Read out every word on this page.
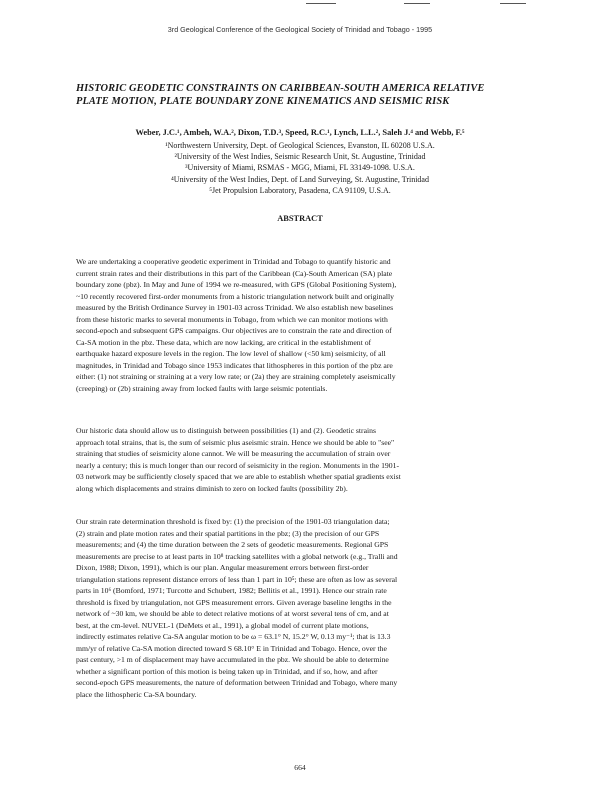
3rd Geological Conference of the Geological Society of Trinidad and Tobago - 1995
HISTORIC GEODETIC CONSTRAINTS ON CARIBBEAN-SOUTH AMERICA RELATIVE
PLATE MOTION, PLATE BOUNDARY ZONE KINEMATICS AND SEISMIC RISK
Weber, J.C.¹, Ambeh, W.A.², Dixon, T.D.³, Speed, R.C.¹, Lynch, L.L.², Saleh J.⁴ and Webb, F.⁵
¹Northwestern University, Dept. of Geological Sciences, Evanston, IL 60208 U.S.A.
²University of the West Indies, Seismic Research Unit, St. Augustine, Trinidad
³University of Miami, RSMAS - MGG, Miami, FL 33149-1098. U.S.A.
⁴University of the West Indies, Dept. of Land Surveying, St. Augustine, Trinidad
⁵Jet Propulsion Laboratory, Pasadena, CA 91109, U.S.A.
ABSTRACT

We are undertaking a cooperative geodetic experiment in Trinidad and Tobago to quantify historic and
current strain rates and their distributions in this part of the Caribbean (Ca)-South American (SA) plate
boundary zone (pbz). In May and June of 1994 we re-measured, with GPS (Global Positioning System),
~10 recently recovered first-order monuments from a historic triangulation network built and originally
measured by the British Ordinance Survey in 1901-03 across Trinidad. We also establish new baselines
from these historic marks to several monuments in Tobago, from which we can monitor motions with
second-epoch and subsequent GPS campaigns. Our objectives are to constrain the rate and direction of
Ca-SA motion in the pbz. These data, which are now lacking, are critical in the establishment of
earthquake hazard exposure levels in the region. The low level of shallow (<50 km) seismicity, of all
magnitudes, in Trinidad and Tobago since 1953 indicates that lithospheres in this portion of the pbz are
either: (1) not straining or straining at a very low rate; or (2a) they are straining completely aseismically
(creeping) or (2b) straining away from locked faults with large seismic potentials.

Our historic data should allow us to distinguish between possibilities (1) and (2). Geodetic strains
approach total strains, that is, the sum of seismic plus aseismic strain. Hence we should be able to "see"
straining that studies of seismicity alone cannot. We will be measuring the accumulation of strain over
nearly a century; this is much longer than our record of seismicity in the region. Monuments in the 1901-
03 network may be sufficiently closely spaced that we are able to establish whether spatial gradients exist
along which displacements and strains diminish to zero on locked faults (possibility 2b).

Our strain rate determination threshold is fixed by: (1) the precision of the 1901-03 triangulation data;
(2) strain and plate motion rates and their spatial partitions in the pbz; (3) the precision of our GPS
measurements; and (4) the time duration between the 2 sets of geodetic measurements. Regional GPS
measurements are precise to at least parts in 10⁸ tracking satellites with a global network (e.g., Tralli and
Dixon, 1988; Dixon, 1991), which is our plan. Angular measurement errors between first-order
triangulation stations represent distance errors of less than 1 part in 10⁵; these are often as low as several
parts in 10⁶ (Bomford, 1971; Turcotte and Schubert, 1982; Bellitis et al., 1991). Hence our strain rate
threshold is fixed by triangulation, not GPS measurement errors. Given average baseline lengths in the
network of ~30 km, we should be able to detect relative motions of at worst several tens of cm, and at
best, at the cm-level. NUVEL-1 (DeMets et al., 1991), a global model of current plate motions,
indirectly estimates relative Ca-SA angular motion to be ω = 63.1° N, 15.2° W, 0.13 my⁻¹; that is 13.3
mm/yr of relative Ca-SA motion directed toward S 68.10° E in Trinidad and Tobago. Hence, over the
past century, >1 m of displacement may have accumulated in the pbz. We should be able to determine
whether a significant portion of this motion is being taken up in Trinidad, and if so, how, and after
second-epoch GPS measurements, the nature of deformation between Trinidad and Tobago, where many
place the lithospheric Ca-SA boundary.

664
